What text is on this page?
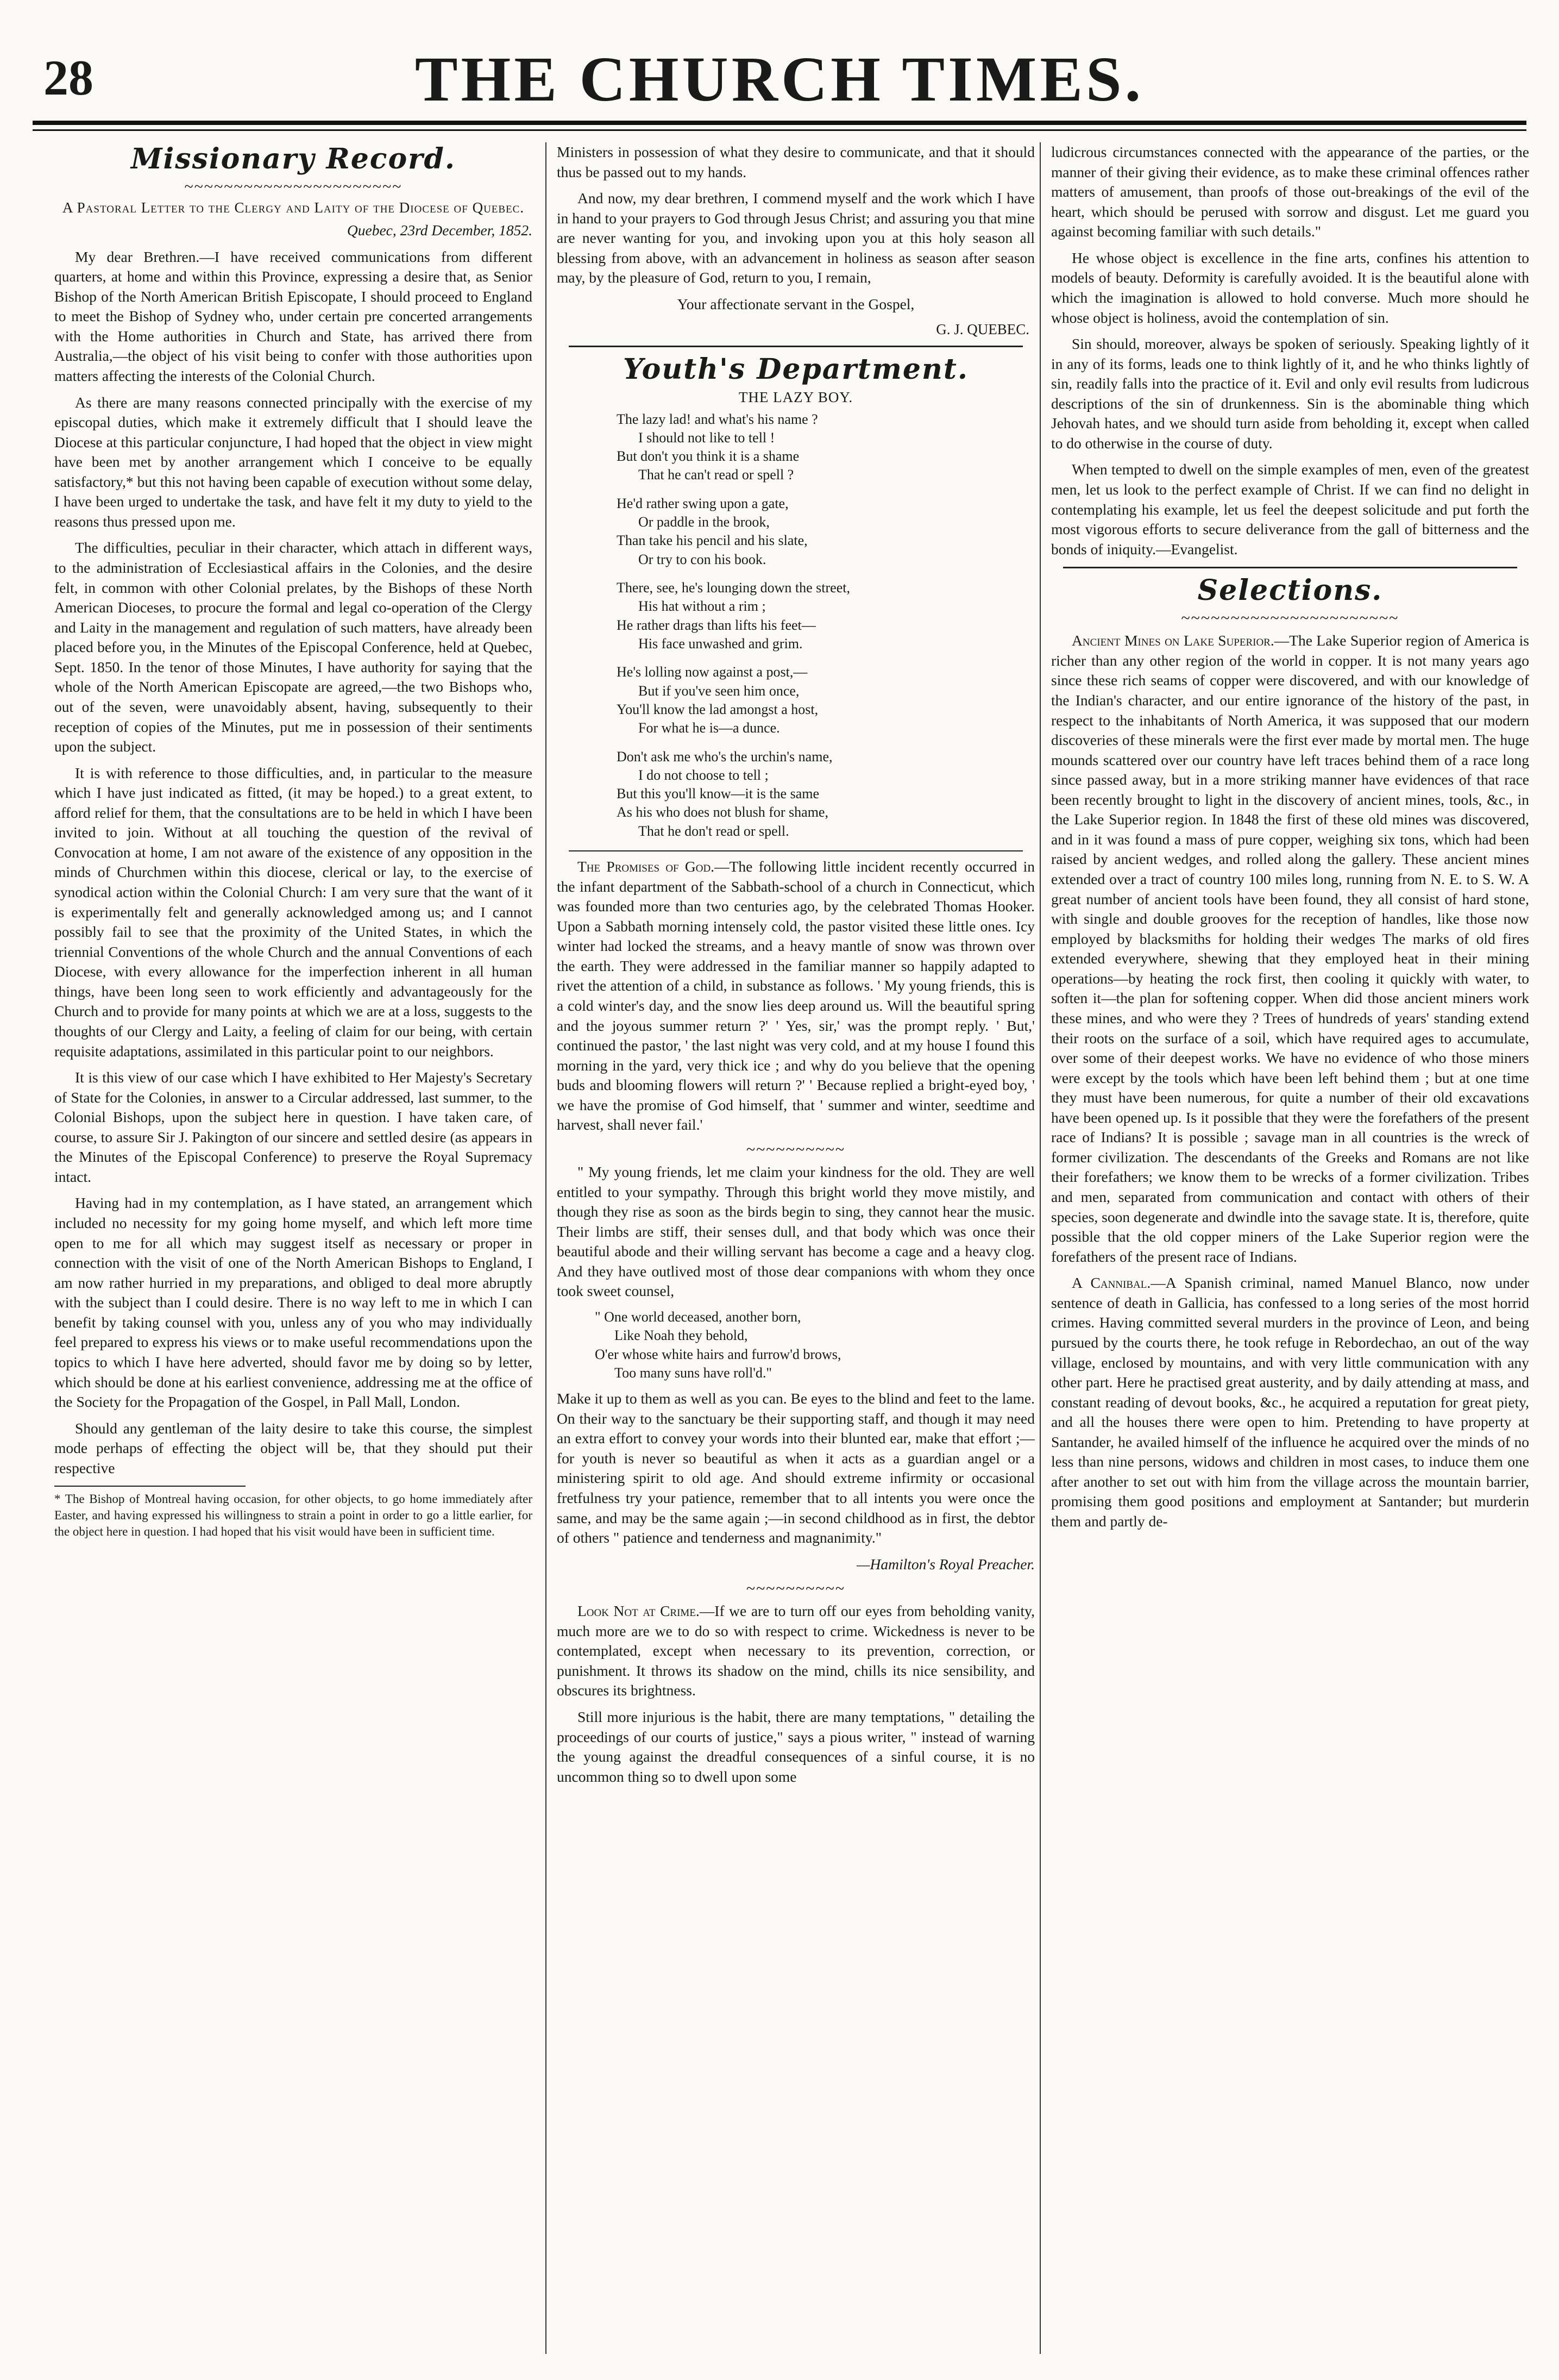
28	THE CHURCH TIMES.
Missionary Record.
~~~~~~~~~~~~~~~~~~~~~~
A Pastoral Letter to the Clergy and Laity of the Diocese of Quebec.

Quebec, 23rd December, 1852.

My dear Brethren.—I have received communications from different quarters, at home and within this Province, expressing a desire that, as Senior Bishop of the North American British Episcopate, I should proceed to England to meet the Bishop of Sydney who, under certain pre concerted arrangements with the Home authorities in Church and State, has arrived there from Australia,—the object of his visit being to confer with those authorities upon matters affecting the interests of the Colonial Church.

As there are many reasons connected principally with the exercise of my episcopal duties, which make it extremely difficult that I should leave the Diocese at this particular conjuncture, I had hoped that the object in view might have been met by another arrangement which I conceive to be equally satisfactory,* but this not having been capable of execution without some delay, I have been urged to undertake the task, and have felt it my duty to yield to the reasons thus pressed upon me.

The difficulties, peculiar in their character, which attach in different ways, to the administration of Ecclesiastical affairs in the Colonies, and the desire felt, in common with other Colonial prelates, by the Bishops of these North American Dioceses, to procure the formal and legal co-operation of the Clergy and Laity in the management and regulation of such matters, have already been placed before you, in the Minutes of the Episcopal Conference, held at Quebec, Sept. 1850. In the tenor of those Minutes, I have authority for saying that the whole of the North American Episcopate are agreed,—the two Bishops who, out of the seven, were unavoidably absent, having, subsequently to their reception of copies of the Minutes, put me in possession of their sentiments upon the subject.

It is with reference to those difficulties, and, in particular to the measure which I have just indicated as fitted, (it may be hoped.) to a great extent, to afford relief for them, that the consultations are to be held in which I have been invited to join. Without at all touching the question of the revival of Convocation at home, I am not aware of the existence of any opposition in the minds of Churchmen within this diocese, clerical or lay, to the exercise of synodical action within the Colonial Church: I am very sure that the want of it is experimentally felt and generally acknowledged among us; and I cannot possibly fail to see that the proximity of the United States, in which the triennial Conventions of the whole Church and the annual Conventions of each Diocese, with every allowance for the imperfection inherent in all human things, have been long seen to work efficiently and advantageously for the Church and to provide for many points at which we are at a loss, suggests to the thoughts of our Clergy and Laity, a feeling of claim for our being, with certain requisite adaptations, assimilated in this particular point to our neighbors.

It is this view of our case which I have exhibited to Her Majesty's Secretary of State for the Colonies, in answer to a Circular addressed, last summer, to the Colonial Bishops, upon the subject here in question. I have taken care, of course, to assure Sir J. Pakington of our sincere and settled desire (as appears in the Minutes of the Episcopal Conference) to preserve the Royal Supremacy intact.

Having had in my contemplation, as I have stated, an arrangement which included no necessity for my going home myself, and which left more time open to me for all which may suggest itself as necessary or proper in connection with the visit of one of the North American Bishops to England, I am now rather hurried in my preparations, and obliged to deal more abruptly with the subject than I could desire. There is no way left to me in which I can benefit by taking counsel with you, unless any of you who may individually feel prepared to express his views or to make useful recommendations upon the topics to which I have here adverted, should favor me by doing so by letter, which should be done at his earliest convenience, addressing me at the office of the Society for the Propagation of the Gospel, in Pall Mall, London.

Should any gentleman of the laity desire to take this course, the simplest mode perhaps of effecting the object will be, that they should put their respective

* The Bishop of Montreal having occasion, for other objects, to go home immediately after Easter, and having expressed his willingness to strain a point in order to go a little earlier, for the object here in question. I had hoped that his visit would have been in sufficient time.

Ministers in possession of what they desire to communicate, and that it should thus be passed out to my hands.

And now, my dear brethren, I commend myself and the work which I have in hand to your prayers to God through Jesus Christ; and assuring you that mine are never wanting for you, and invoking upon you at this holy season all blessing from above, with an advancement in holiness as season after season may, by the pleasure of God, return to you, I remain,

Your affectionate servant in the Gospel,

G. J. QUEBEC.
Youth's Department.
THE LAZY BOY.
The lazy lad! and what's his name ?
I should not like to tell !
But don't you think it is a shame
That he can't read or spell ?
He'd rather swing upon a gate,
Or paddle in the brook,
Than take his pencil and his slate,
Or try to con his book.
There, see, he's lounging down the street,
His hat without a rim ;
He rather drags than lifts his feet—
His face unwashed and grim.
He's lolling now against a post,—
But if you've seen him once,
You'll know the lad amongst a host,
For what he is—a dunce.
Don't ask me who's the urchin's name,
I do not choose to tell ;
But this you'll know—it is the same
As his who does not blush for shame,
That he don't read or spell.

The Promises of God.—The following little incident recently occurred in the infant department of the Sabbath-school of a church in Connecticut, which was founded more than two centuries ago, by the celebrated Thomas Hooker. Upon a Sabbath morning intensely cold, the pastor visited these little ones. Icy winter had locked the streams, and a heavy mantle of snow was thrown over the earth. They were addressed in the familiar manner so happily adapted to rivet the attention of a child, in substance as follows. ' My young friends, this is a cold winter's day, and the snow lies deep around us. Will the beautiful spring and the joyous summer return ?' ' Yes, sir,' was the prompt reply. ' But,' continued the pastor, ' the last night was very cold, and at my house I found this morning in the yard, very thick ice ; and why do you believe that the opening buds and blooming flowers will return ?' ' Because replied a bright-eyed boy, ' we have the promise of God himself, that ' summer and winter, seedtime and harvest, shall never fail.'

~~~~~~~~~~

" My young friends, let me claim your kindness for the old. They are well entitled to your sympathy. Through this bright world they move mistily, and though they rise as soon as the birds begin to sing, they cannot hear the music. Their limbs are stiff, their senses dull, and that body which was once their beautiful abode and their willing servant has become a cage and a heavy clog. And they have outlived most of those dear companions with whom they once took sweet counsel,

" One world deceased, another born,
Like Noah they behold,
O'er whose white hairs and furrow'd brows,
Too many suns have roll'd."

Make it up to them as well as you can. Be eyes to the blind and feet to the lame. On their way to the sanctuary be their supporting staff, and though it may need an extra effort to convey your words into their blunted ear, make that effort ;—for youth is never so beautiful as when it acts as a guardian angel or a ministering spirit to old age. And should extreme infirmity or occasional fretfulness try your patience, remember that to all intents you were once the same, and may be the same again ;—in second childhood as in first, the debtor of others " patience and tenderness and magnanimity."

—Hamilton's Royal Preacher.

~~~~~~~~~~

Look Not at Crime.—If we are to turn off our eyes from beholding vanity, much more are we to do so with respect to crime. Wickedness is never to be contemplated, except when necessary to its prevention, correction, or punishment. It throws its shadow on the mind, chills its nice sensibility, and obscures its brightness.

Still more injurious is the habit, there are many temptations, " detailing the proceedings of our courts of justice," says a pious writer, " instead of warning the young against the dreadful consequences of a sinful course, it is no uncommon thing so to dwell upon some

ludicrous circumstances connected with the appearance of the parties, or the manner of their giving their evidence, as to make these criminal offences rather matters of amusement, than proofs of those out-breakings of the evil of the heart, which should be perused with sorrow and disgust. Let me guard you against becoming familiar with such details."

He whose object is excellence in the fine arts, confines his attention to models of beauty. Deformity is carefully avoided. It is the beautiful alone with which the imagination is allowed to hold converse. Much more should he whose object is holiness, avoid the contemplation of sin.

Sin should, moreover, always be spoken of seriously. Speaking lightly of it in any of its forms, leads one to think lightly of it, and he who thinks lightly of sin, readily falls into the practice of it. Evil and only evil results from ludicrous descriptions of the sin of drunkenness. Sin is the abominable thing which Jehovah hates, and we should turn aside from beholding it, except when called to do otherwise in the course of duty.

When tempted to dwell on the simple examples of men, even of the greatest men, let us look to the perfect example of Christ. If we can find no delight in contemplating his example, let us feel the deepest solicitude and put forth the most vigorous efforts to secure deliverance from the gall of bitterness and the bonds of iniquity.—Evangelist.

Selections.
~~~~~~~~~~~~~~~~~~~~~~

Ancient Mines on Lake Superior.—The Lake Superior region of America is richer than any other region of the world in copper. It is not many years ago since these rich seams of copper were discovered, and with our knowledge of the Indian's character, and our entire ignorance of the history of the past, in respect to the inhabitants of North America, it was supposed that our modern discoveries of these minerals were the first ever made by mortal men. The huge mounds scattered over our country have left traces behind them of a race long since passed away, but in a more striking manner have evidences of that race been recently brought to light in the discovery of ancient mines, tools, &c., in the Lake Superior region. In 1848 the first of these old mines was discovered, and in it was found a mass of pure copper, weighing six tons, which had been raised by ancient wedges, and rolled along the gallery. These ancient mines extended over a tract of country 100 miles long, running from N. E. to S. W. A great number of ancient tools have been found, they all consist of hard stone, with single and double grooves for the reception of handles, like those now employed by blacksmiths for holding their wedges The marks of old fires extended everywhere, shewing that they employed heat in their mining operations—by heating the rock first, then cooling it quickly with water, to soften it—the plan for softening copper. When did those ancient miners work these mines, and who were they ? Trees of hundreds of years' standing extend their roots on the surface of a soil, which have required ages to accumulate, over some of their deepest works. We have no evidence of who those miners were except by the tools which have been left behind them ; but at one time they must have been numerous, for quite a number of their old excavations have been opened up. Is it possible that they were the forefathers of the present race of Indians? It is possible ; savage man in all countries is the wreck of former civilization. The descendants of the Greeks and Romans are not like their forefathers; we know them to be wrecks of a former civilization. Tribes and men, separated from communication and contact with others of their species, soon degenerate and dwindle into the savage state. It is, therefore, quite possible that the old copper miners of the Lake Superior region were the forefathers of the present race of Indians.

A Cannibal.—A Spanish criminal, named Manuel Blanco, now under sentence of death in Gallicia, has confessed to a long series of the most horrid crimes. Having committed several murders in the province of Leon, and being pursued by the courts there, he took refuge in Rebordechao, an out of the way village, enclosed by mountains, and with very little communication with any other part. Here he practised great austerity, and by daily attending at mass, and constant reading of devout books, &c., he acquired a reputation for great piety, and all the houses there were open to him. Pretending to have property at Santander, he availed himself of the influence he acquired over the minds of no less than nine persons, widows and children in most cases, to induce them one after another to set out with him from the village across the mountain barrier, promising them good positions and employment at Santander; but murderin them and partly de-
